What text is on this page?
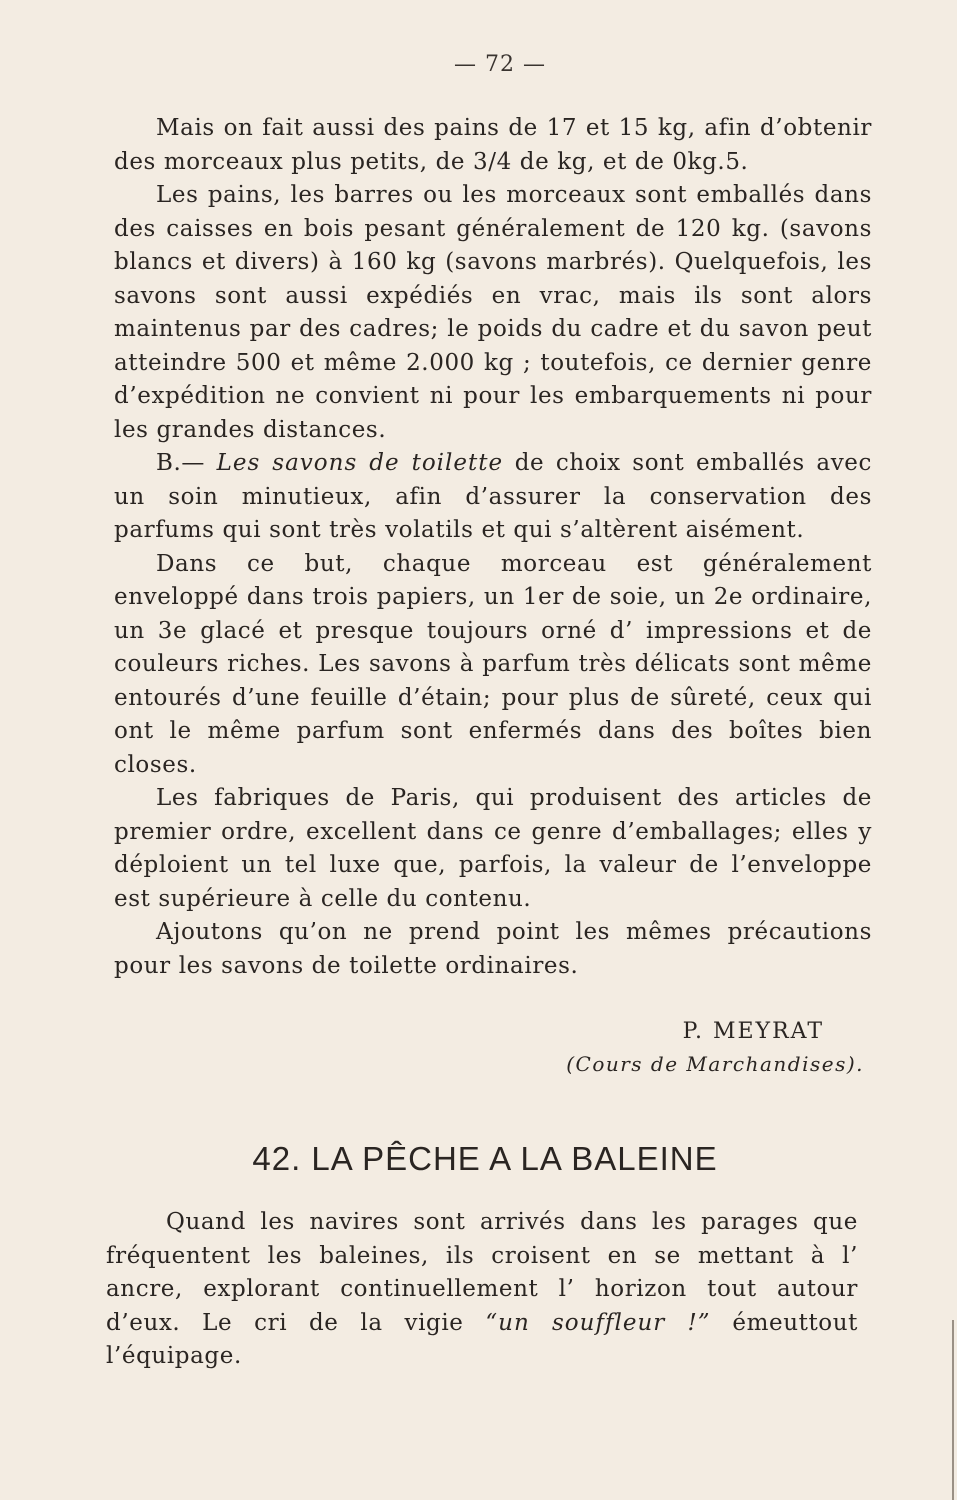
— 72 —

Mais on fait aussi des pains de 17 et 15 kg, afin d’obtenir des morceaux plus petits, de 3/4 de kg, et de 0kg.5.

Les pains, les barres ou les morceaux sont emballés dans des caisses en bois pesant généralement de 120 kg. (savons blancs et divers) à 160 kg (savons marbrés). Quelquefois, les savons sont aussi expédiés en vrac, mais ils sont alors maintenus par des cadres; le poids du cadre et du savon peut atteindre 500 et même 2.000 kg ; toutefois, ce dernier genre d’expédition ne convient ni pour les embarquements ni pour les grandes distances.

B.— Les savons de toilette de choix sont emballés avec un soin minutieux, afin d’assurer la conservation des parfums qui sont très volatils et qui s’altèrent aisément.

Dans ce but, chaque morceau est généralement enveloppé dans trois papiers, un 1er de soie, un 2e ordinaire, un 3e glacé et presque toujours orné d’ impressions et de couleurs riches. Les savons à parfum très délicats sont même entourés d’une feuille d’étain; pour plus de sûreté, ceux qui ont le même parfum sont enfermés dans des boîtes bien closes.

Les fabriques de Paris, qui produisent des articles de premier ordre, excellent dans ce genre d’emballages; elles y déploient un tel luxe que, parfois, la valeur de l’enveloppe est supérieure à celle du contenu.

Ajoutons qu’on ne prend point les mêmes précautions pour les savons de toilette ordinaires.

P. MEYRAT
(Cours de Marchandises).
42. LA PÊCHE A LA BALEINE

Quand les navires sont arrivés dans les parages que fréquentent les baleines, ils croisent en se mettant à l’ ancre, explorant continuellement l’ horizon tout autour d’eux. Le cri de la vigie “un souffleur !” émeuttout l’équipage.
